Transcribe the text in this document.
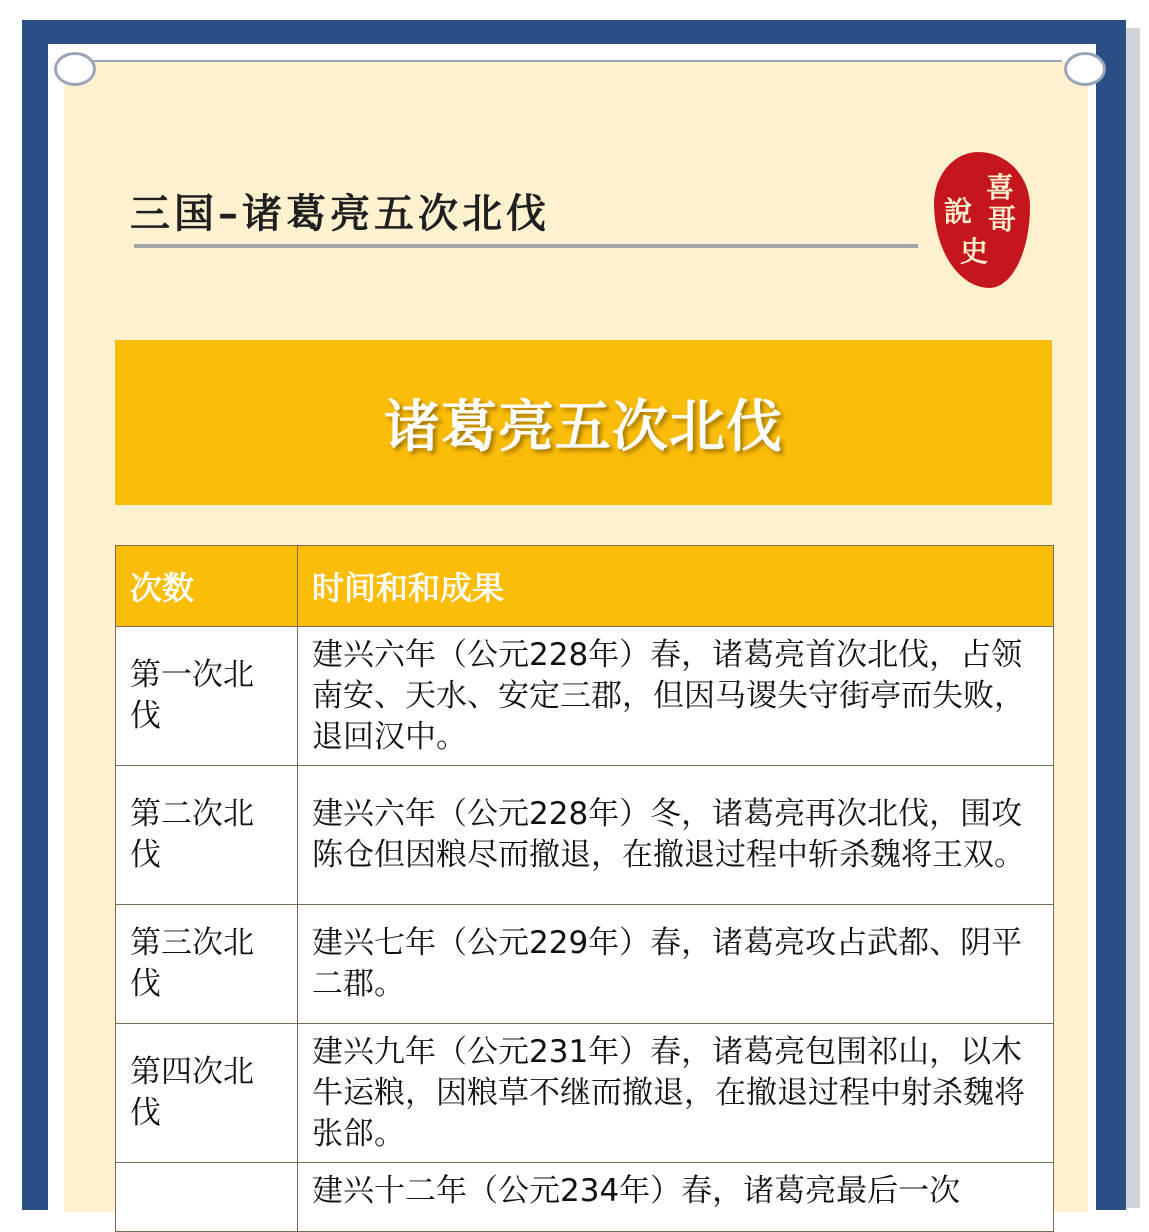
三国–诸葛亮五次北伐
喜
哥
說
史
诸葛亮五次北伐
次数	时间和和成果
第一次北伐	建兴六年（公元228年）春，诸葛亮首次北伐，占领南安、天水、安定三郡，但因马谡失守街亭而失败，退回汉中。
第二次北伐	建兴六年（公元228年）冬，诸葛亮再次北伐，围攻陈仓但因粮尽而撤退，在撤退过程中斩杀魏将王双。
第三次北伐	建兴七年（公元229年）春，诸葛亮攻占武都、阴平二郡。
第四次北伐	建兴九年（公元231年）春，诸葛亮包围祁山，以木牛运粮，因粮草不继而撤退，在撤退过程中射杀魏将张郃。
	建兴十二年（公元234年）春，诸葛亮最后一次
